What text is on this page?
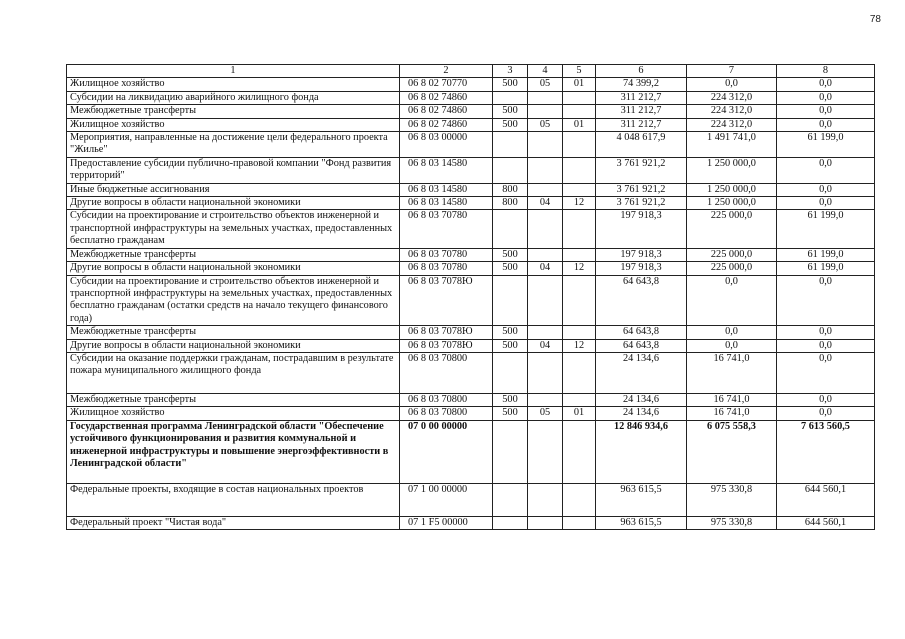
78
1	2	3	4	5	6	7	8
Жилищное хозяйство	06 8 02 70770	500	05	01	74 399,2	0,0	0,0
Субсидии на ликвидацию аварийного жилищного фонда	06 8 02 74860				311 212,7	224 312,0	0,0
Межбюджетные трансферты	06 8 02 74860	500			311 212,7	224 312,0	0,0
Жилищное хозяйство	06 8 02 74860	500	05	01	311 212,7	224 312,0	0,0
Мероприятия, направленные на достижение цели федерального проекта "Жилье"	06 8 03 00000				4 048 617,9	1 491 741,0	61 199,0
Предоставление субсидии публично-правовой компании "Фонд развития территорий"	06 8 03 14580				3 761 921,2	1 250 000,0	0,0
Иные бюджетные ассигнования	06 8 03 14580	800			3 761 921,2	1 250 000,0	0,0
Другие вопросы в области национальной экономики	06 8 03 14580	800	04	12	3 761 921,2	1 250 000,0	0,0
Субсидии на проектирование и строительство объектов инженерной и транспортной инфраструктуры на земельных участках, предоставленных бесплатно гражданам	06 8 03 70780				197 918,3	225 000,0	61 199,0
Межбюджетные трансферты	06 8 03 70780	500			197 918,3	225 000,0	61 199,0
Другие вопросы в области национальной экономики	06 8 03 70780	500	04	12	197 918,3	225 000,0	61 199,0
Субсидии на проектирование и строительство объектов инженерной и транспортной инфраструктуры на земельных участках, предоставленных бесплатно гражданам (остатки средств на начало текущего финансового года)	06 8 03 7078Ю				64 643,8	0,0	0,0
Межбюджетные трансферты	06 8 03 7078Ю	500			64 643,8	0,0	0,0
Другие вопросы в области национальной экономики	06 8 03 7078Ю	500	04	12	64 643,8	0,0	0,0
Субсидии на оказание поддержки гражданам, пострадавшим в результате пожара муниципального жилищного фонда	06 8 03 70800				24 134,6	16 741,0	0,0
Межбюджетные трансферты	06 8 03 70800	500			24 134,6	16 741,0	0,0
Жилищное хозяйство	06 8 03 70800	500	05	01	24 134,6	16 741,0	0,0
Государственная программа Ленинградской области "Обеспечение устойчивого функционирования и развития коммунальной и инженерной инфраструктуры и повышение энергоэффективности в Ленинградской области"	07 0 00 00000				12 846 934,6	6 075 558,3	7 613 560,5
Федеральные проекты, входящие в состав национальных проектов	07 1 00 00000				963 615,5	975 330,8	644 560,1
Федеральный проект "Чистая вода"	07 1 F5 00000				963 615,5	975 330,8	644 560,1
